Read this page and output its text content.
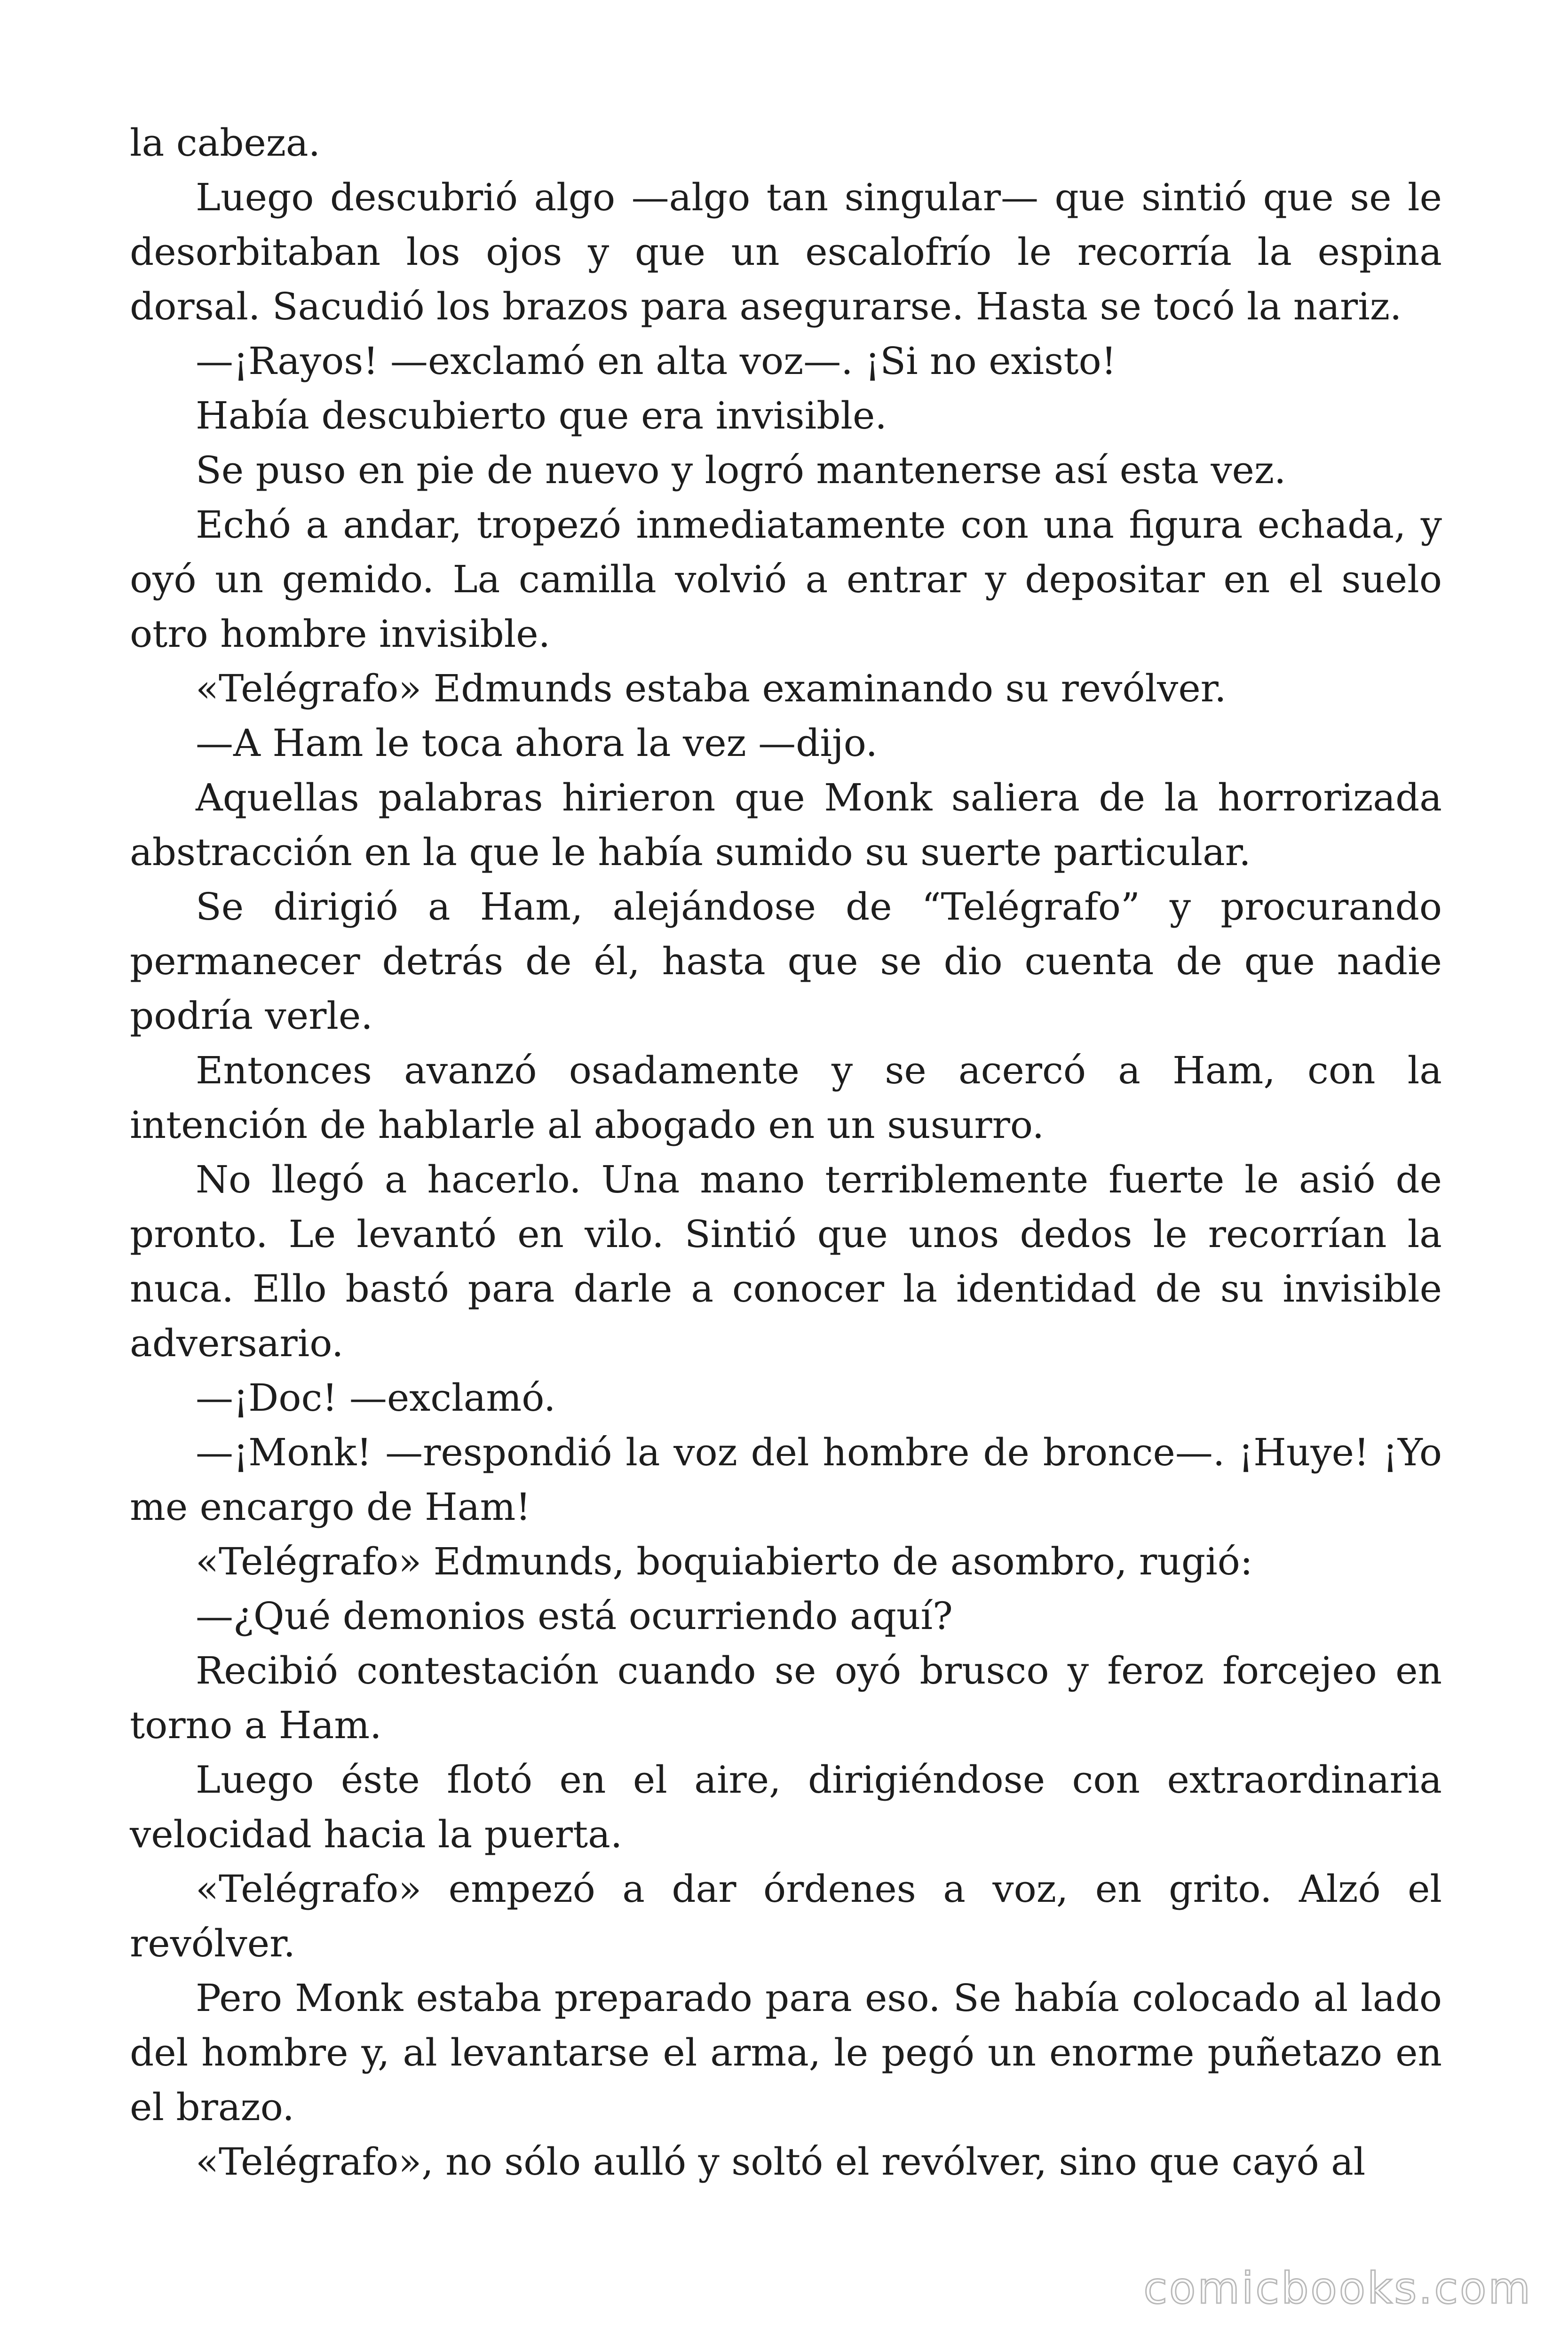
la cabeza.

Luego descubrió algo —algo tan singular— que sintió que se le desorbitaban los ojos y que un escalofrío le recorría la espina dorsal. Sacudió los brazos para asegurarse. Hasta se tocó la nariz.

—¡Rayos! —exclamó en alta voz—. ¡Si no existo!

Había descubierto que era invisible.

Se puso en pie de nuevo y logró mantenerse así esta vez.

Echó a andar, tropezó inmediatamente con una figura echada, y oyó un gemido. La camilla volvió a entrar y depositar en el suelo otro hombre invisible.

«Telégrafo» Edmunds estaba examinando su revólver.

—A Ham le toca ahora la vez —dijo.

Aquellas palabras hirieron que Monk saliera de la horrorizada abstracción en la que le había sumido su suerte particular.

Se dirigió a Ham, alejándose de “Telégrafo” y procurando permanecer detrás de él, hasta que se dio cuenta de que nadie podría verle.

Entonces avanzó osadamente y se acercó a Ham, con la intención de hablarle al abogado en un susurro.

No llegó a hacerlo. Una mano terriblemente fuerte le asió de pronto. Le levantó en vilo. Sintió que unos dedos le recorrían la nuca. Ello bastó para darle a conocer la identidad de su invisible adversario.

—¡Doc! —exclamó.

—¡Monk! —respondió la voz del hombre de bronce—. ¡Huye! ¡Yo me encargo de Ham!

«Telégrafo» Edmunds, boquiabierto de asombro, rugió:

—¿Qué demonios está ocurriendo aquí?

Recibió contestación cuando se oyó brusco y feroz forcejeo en torno a Ham.

Luego éste flotó en el aire, dirigiéndose con extraordinaria velocidad hacia la puerta.

«Telégrafo» empezó a dar órdenes a voz, en grito. Alzó el revólver.

Pero Monk estaba preparado para eso. Se había colocado al lado del hombre y, al levantarse el arma, le pegó un enorme puñetazo en el brazo.

«Telégrafo», no sólo aulló y soltó el revólver, sino que cayó al

comicbooks.com
